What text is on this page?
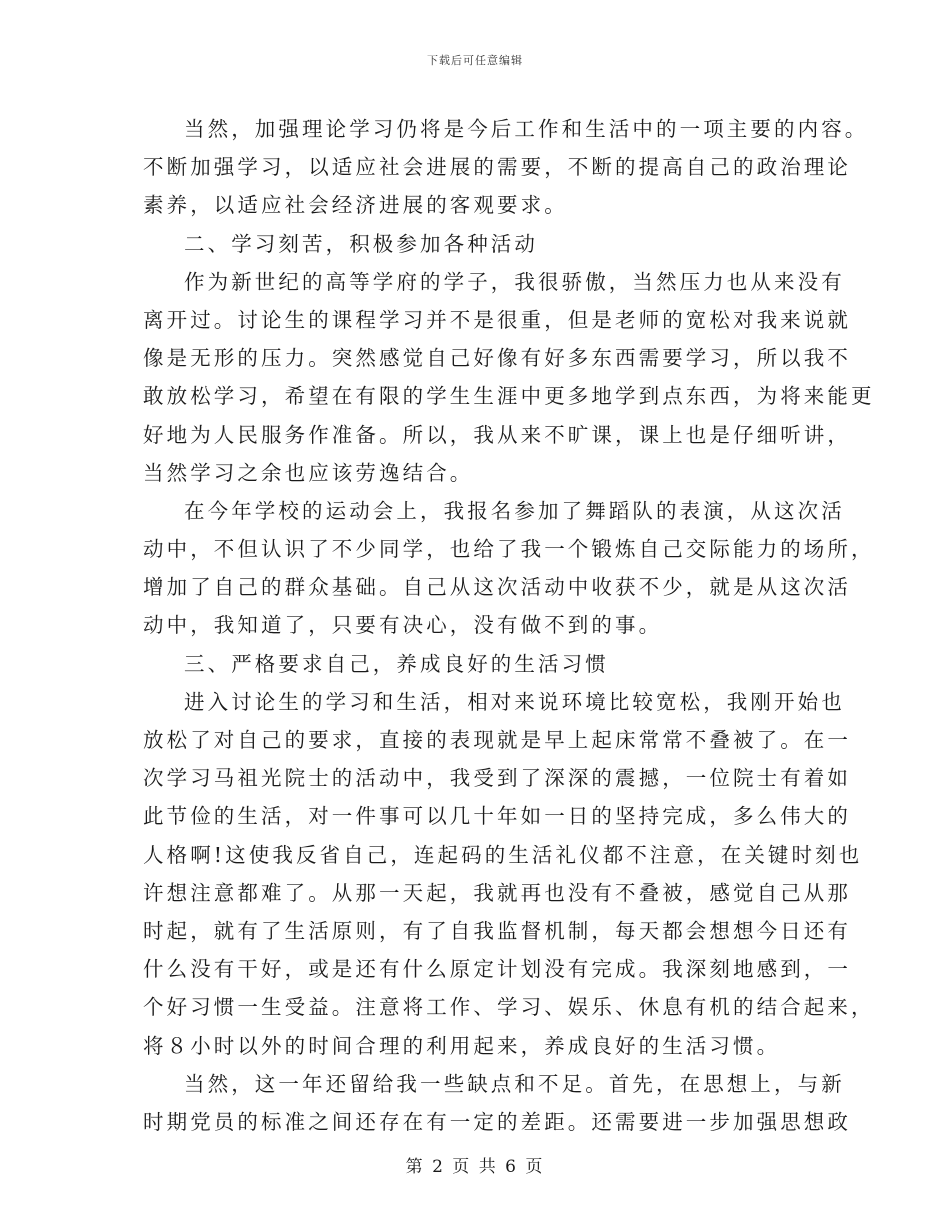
下载后可任意编辑
当然，加强理论学习仍将是今后工作和生活中的一项主要的内容。
不断加强学习，以适应社会进展的需要，不断的提高自己的政治理论
素养，以适应社会经济进展的客观要求。
二、学习刻苦，积极参加各种活动
作为新世纪的高等学府的学子，我很骄傲，当然压力也从来没有
离开过。讨论生的课程学习并不是很重，但是老师的宽松对我来说就
像是无形的压力。突然感觉自己好像有好多东西需要学习，所以我不
敢放松学习，希望在有限的学生生涯中更多地学到点东西，为将来能更
好地为人民服务作准备。所以，我从来不旷课，课上也是仔细听讲，
当然学习之余也应该劳逸结合。
在今年学校的运动会上，我报名参加了舞蹈队的表演，从这次活
动中，不但认识了不少同学，也给了我一个锻炼自己交际能力的场所，
增加了自己的群众基础。自己从这次活动中收获不少，就是从这次活
动中，我知道了，只要有决心，没有做不到的事。
三、严格要求自己，养成良好的生活习惯
进入讨论生的学习和生活，相对来说环境比较宽松，我刚开始也
放松了对自己的要求，直接的表现就是早上起床常常不叠被了。在一
次学习马祖光院士的活动中，我受到了深深的震撼，一位院士有着如
此节俭的生活，对一件事可以几十年如一日的坚持完成，多么伟大的
人格啊!这使我反省自己，连起码的生活礼仪都不注意，在关键时刻也
许想注意都难了。从那一天起，我就再也没有不叠被，感觉自己从那
时起，就有了生活原则，有了自我监督机制，每天都会想想今日还有
什么没有干好，或是还有什么原定计划没有完成。我深刻地感到，一
个好习惯一生受益。注意将工作、学习、娱乐、休息有机的结合起来，
将８小时以外的时间合理的利用起来，养成良好的生活习惯。
当然，这一年还留给我一些缺点和不足。首先，在思想上，与新
时期党员的标准之间还存在有一定的差距。还需要进一步加强思想政
第 2 页 共 6 页
